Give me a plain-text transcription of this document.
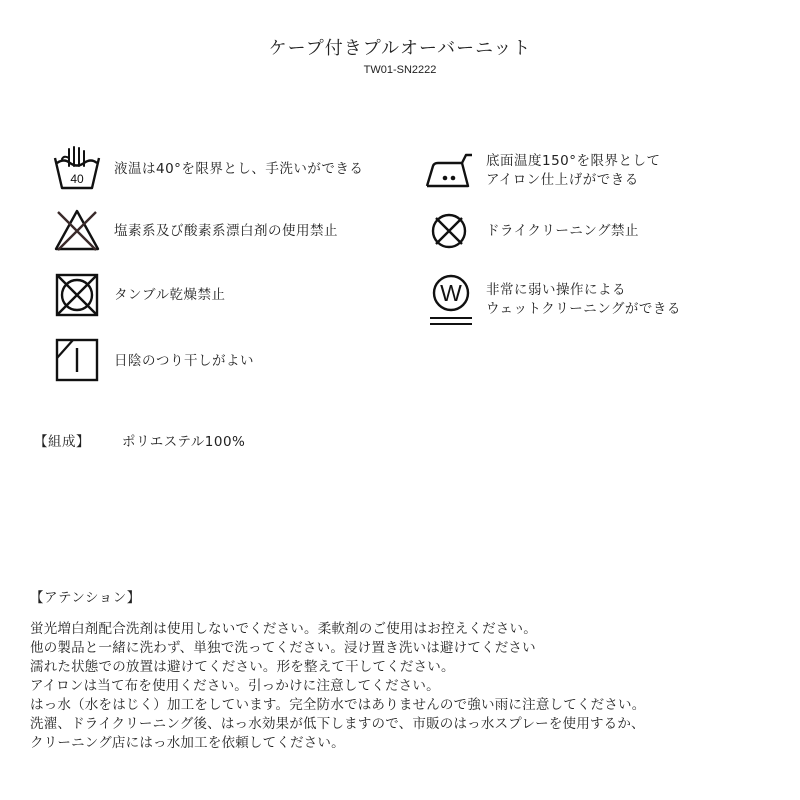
ケープ付きプルオーバーニット
TW01-SN2222
40
液温は40°を限界とし、手洗いができる
塩素系及び酸素系漂白剤の使用禁止
タンブル乾燥禁止
日陰のつり干しがよい
底面温度150°を限界として
アイロン仕上げができる
ドライクリーニング禁止
W 非常に弱い操作による
ウェットクリーニングができる
【組成】 ポリエステル100%
【アテンション】
蛍光増白剤配合洗剤は使用しないでください。柔軟剤のご使用はお控えください。
他の製品と一緒に洗わず、単独で洗ってください。浸け置き洗いは避けてください
濡れた状態での放置は避けてください。形を整えて干してください。
アイロンは当て布を使用ください。引っかけに注意してください。
はっ水（水をはじく）加工をしています。完全防水ではありませんので強い雨に注意してください。
洗濯、ドライクリーニング後、はっ水効果が低下しますので、市販のはっ水スプレーを使用するか、
クリーニング店にはっ水加工を依頼してください。
